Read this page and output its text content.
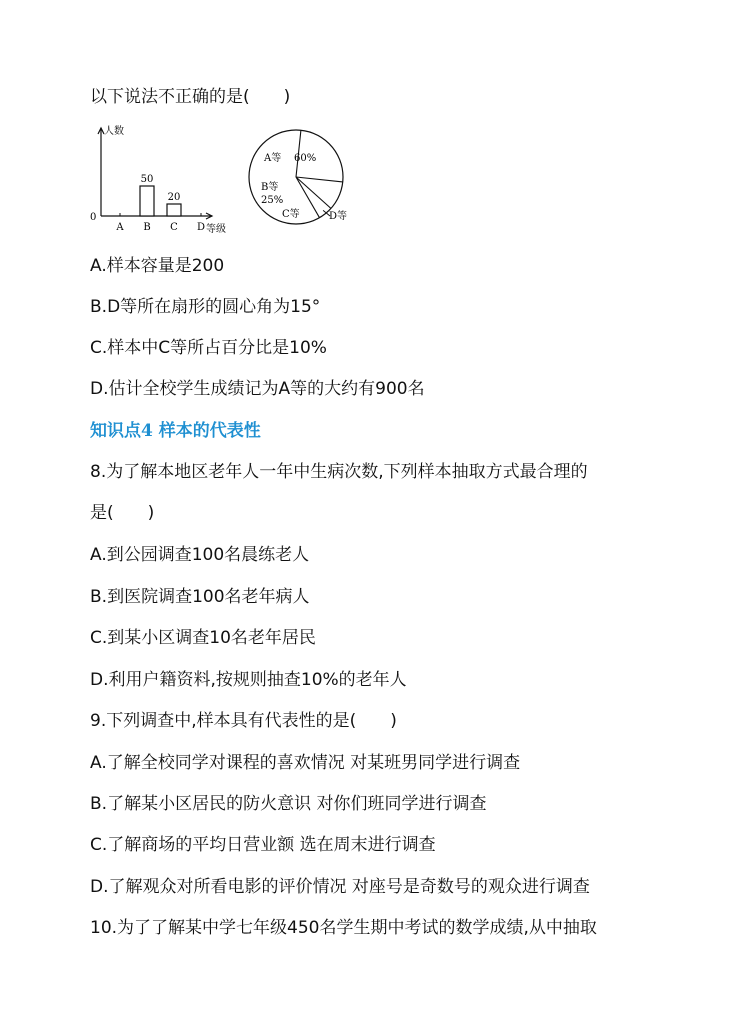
以下说法不正确的是(　　)
人数
等级
0
A B
50
C
20
D
A等 60%
B等
25%
C等	D等
A.样本容量是200
B.D等所在扇形的圆心角为15°
C.样本中C等所占百分比是10%
D.估计全校学生成绩记为A等的大约有900名
知识点4 样本的代表性
8.为了解本地区老年人一年中生病次数,下列样本抽取方式最合理的
是(　　)
A.到公园调查100名晨练老人
B.到医院调查100名老年病人
C.到某小区调查10名老年居民
D.利用户籍资料,按规则抽查10%的老年人
9.下列调查中,样本具有代表性的是(　　)
A.了解全校同学对课程的喜欢情况 对某班男同学进行调查
B.了解某小区居民的防火意识 对你们班同学进行调查
C.了解商场的平均日营业额 选在周末进行调查
D.了解观众对所看电影的评价情况 对座号是奇数号的观众进行调查
10.为了了解某中学七年级450名学生期中考试的数学成绩,从中抽取
